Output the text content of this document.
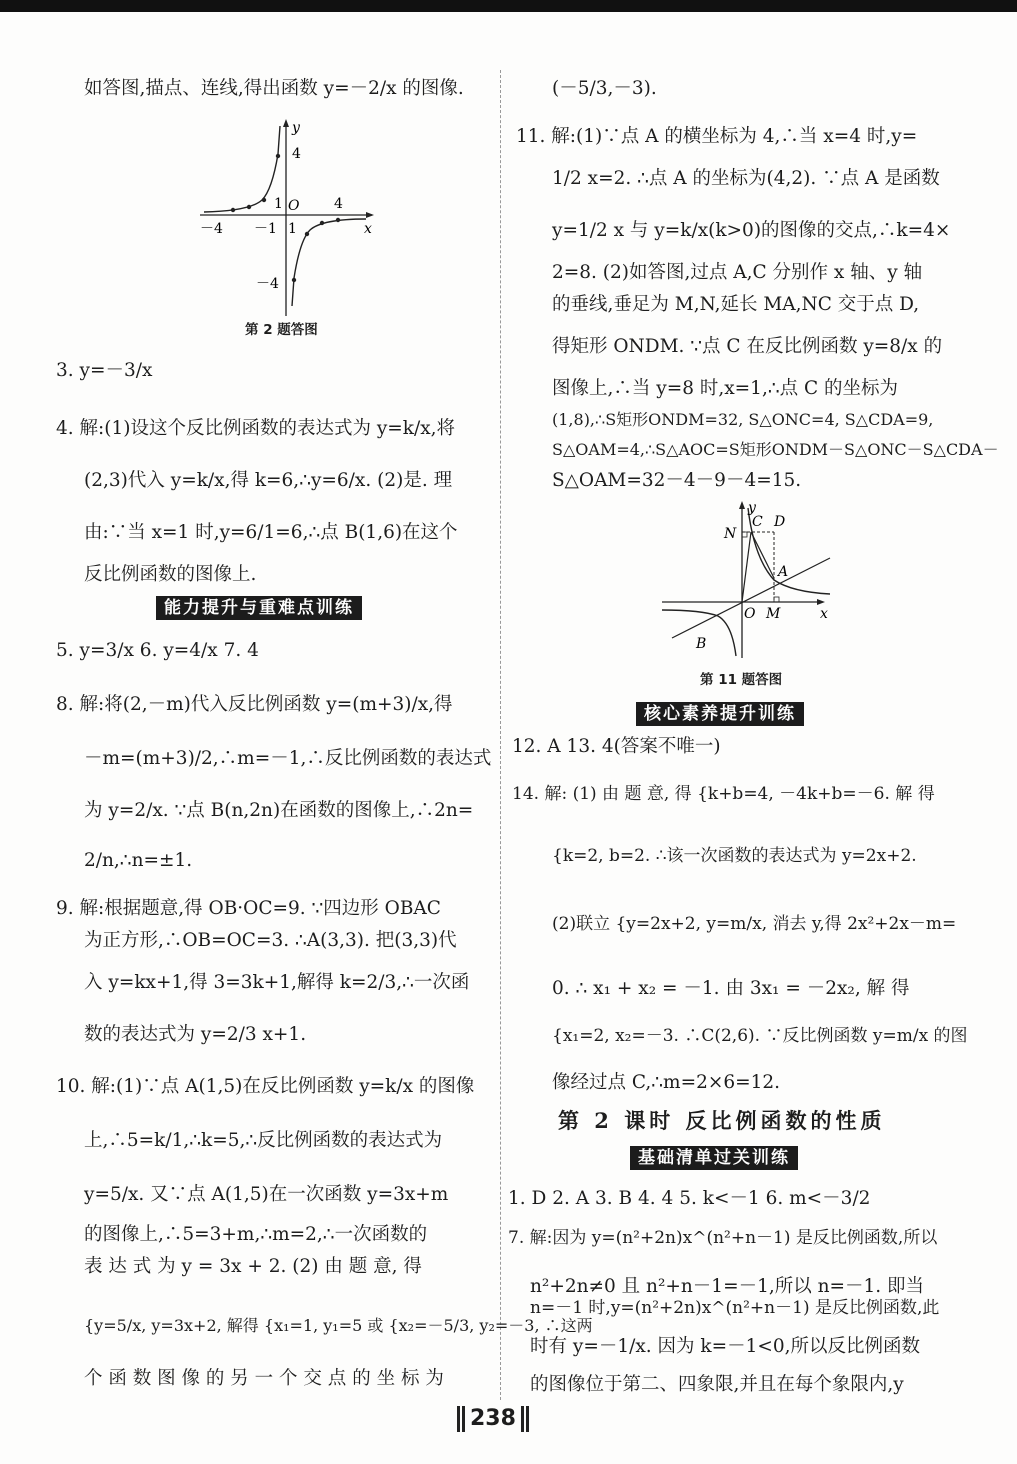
如答图,描点、连线,得出函数 y=－2/x 的图像.
4
1 O 4
x
－4 －1 1
－4
y
第 2 题答图
3. y=－3/x
4. 解:(1)设这个反比例函数的表达式为 y=k/x,将
(2,3)代入 y=k/x,得 k=6,∴y=6/x. (2)是. 理
由:∵当 x=1 时,y=6/1=6,∴点 B(1,6)在这个
反比例函数的图像上.
能力提升与重难点训练
5. y=3/x 6. y=4/x 7. 4
8. 解:将(2,－m)代入反比例函数 y=(m+3)/x,得
－m=(m+3)/2,∴m=－1,∴反比例函数的表达式
为 y=2/x. ∵点 B(n,2n)在函数的图像上,∴2n=
2/n,∴n=±1.
9. 解:根据题意,得 OB·OC=9. ∵四边形 OBAC
为正方形,∴OB=OC=3. ∴A(3,3). 把(3,3)代
入 y=kx+1,得 3=3k+1,解得 k=2/3,∴一次函
数的表达式为 y=2/3 x+1.
10. 解:(1)∵点 A(1,5)在反比例函数 y=k/x 的图像
上,∴5=k/1,∴k=5,∴反比例函数的表达式为
y=5/x. 又∵点 A(1,5)在一次函数 y=3x+m
的图像上,∴5=3+m,∴m=2,∴一次函数的
表 达 式 为 y = 3x + 2. (2) 由 题 意, 得
{y=5/x, y=3x+2, 解得 {x₁=1, y₁=5 或 {x₂=－5/3, y₂=－3, ∴这两
个 函 数 图 像 的 另 一 个 交 点 的 坐 标 为
(－5/3,－3).
11. 解:(1)∵点 A 的横坐标为 4,∴当 x=4 时,y=
1/2 x=2. ∴点 A 的坐标为(4,2). ∵点 A 是函数
y=1/2 x 与 y=k/x(k>0)的图像的交点,∴k=4×
2=8. (2)如答图,过点 A,C 分别作 x 轴、y 轴
的垂线,垂足为 M,N,延长 MA,NC 交于点 D,
得矩形 ONDM. ∵点 C 在反比例函数 y=8/x 的
图像上,∴当 y=8 时,x=1,∴点 C 的坐标为
(1,8),∴S矩形ONDM=32, S△ONC=4, S△CDA=9,
S△OAM=4,∴S△AOC=S矩形ONDM－S△ONC－S△CDA－
S△OAM=32－4－9－4=15.
y
N
C D
A
O M	x
B
第 11 题答图
核心素养提升训练
12. A 13. 4(答案不唯一)
14. 解: (1) 由 题 意, 得 {k+b=4, －4k+b=－6. 解 得
{k=2, b=2. ∴该一次函数的表达式为 y=2x+2.
(2)联立 {y=2x+2, y=m/x, 消去 y,得 2x²+2x－m=
0. ∴ x₁ + x₂ = －1. 由 3x₁ = －2x₂, 解 得
{x₁=2, x₂=－3. ∴C(2,6). ∵反比例函数 y=m/x 的图
像经过点 C,∴m=2×6=12.
第 2 课时 反比例函数的性质
基础清单过关训练
1. D 2. A 3. B 4. 4 5. k<－1 6. m<－3/2
7. 解:因为 y=(n²+2n)x^(n²+n－1) 是反比例函数,所以
n²+2n≠0 且 n²+n－1=－1,所以 n=－1. 即当
n=－1 时,y=(n²+2n)x^(n²+n－1) 是反比例函数,此
时有 y=－1/x. 因为 k=－1<0,所以反比例函数
的图像位于第二、四象限,并且在每个象限内,y
238
